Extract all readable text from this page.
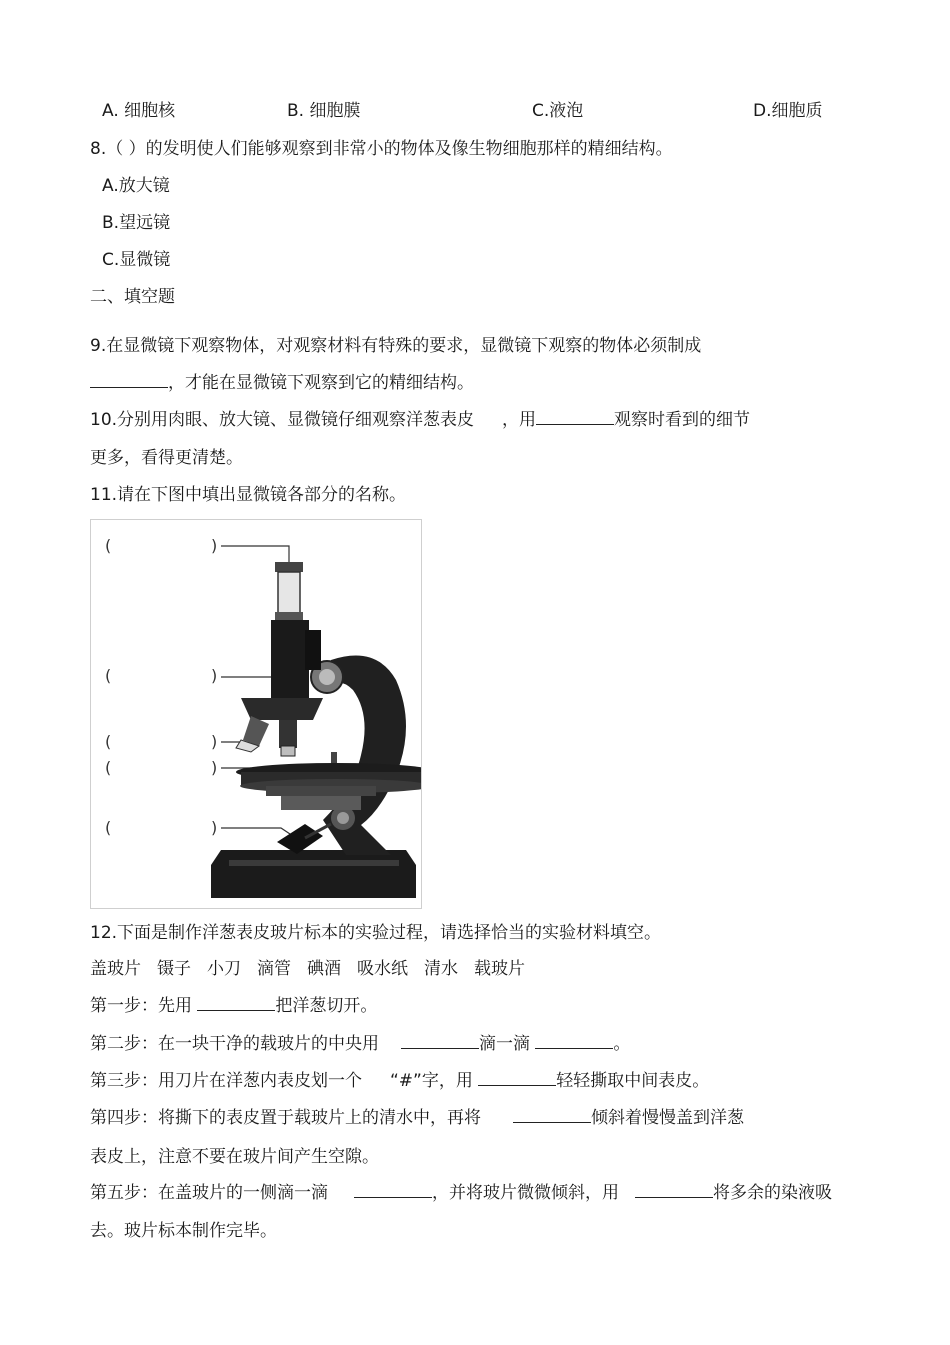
A. 细胞核	B. 细胞膜	C.液泡	D.细胞质
8.（ ）的发明使人们能够观察到非常小的物体及像生物细胞那样的精细结构。
A.放大镜
B.望远镜
C.显微镜
二、填空题
9.在显微镜下观察物体，对观察材料有特殊的要求，显微镜下观察的物体必须制成
，才能在显微镜下观察到它的精细结构。
10.分别用肉眼、放大镜、显微镜仔细观察洋葱表皮 ，用	观察时看到的细节
更多，看得更清楚。
11.请在下图中填出显微镜各部分的名称。
(	)
(	)
(	)
(	)
(	)
12.下面是制作洋葱表皮玻片标本的实验过程，请选择恰当的实验材料填空。
盖玻片 镊子 小刀 滴管 碘酒 吸水纸 清水 载玻片
第一步：先用	把洋葱切开。
第二步：在一块干净的载玻片的中央用	滴一滴	。
第三步：用刀片在洋葱内表皮划一个 “#”字，用	轻轻撕取中间表皮。
第四步：将撕下的表皮置于载玻片上的清水中，再将	倾斜着慢慢盖到洋葱
表皮上，注意不要在玻片间产生空隙。
第五步：在盖玻片的一侧滴一滴	，并将玻片微微倾斜，用	将多余的染液吸
去。玻片标本制作完毕。
